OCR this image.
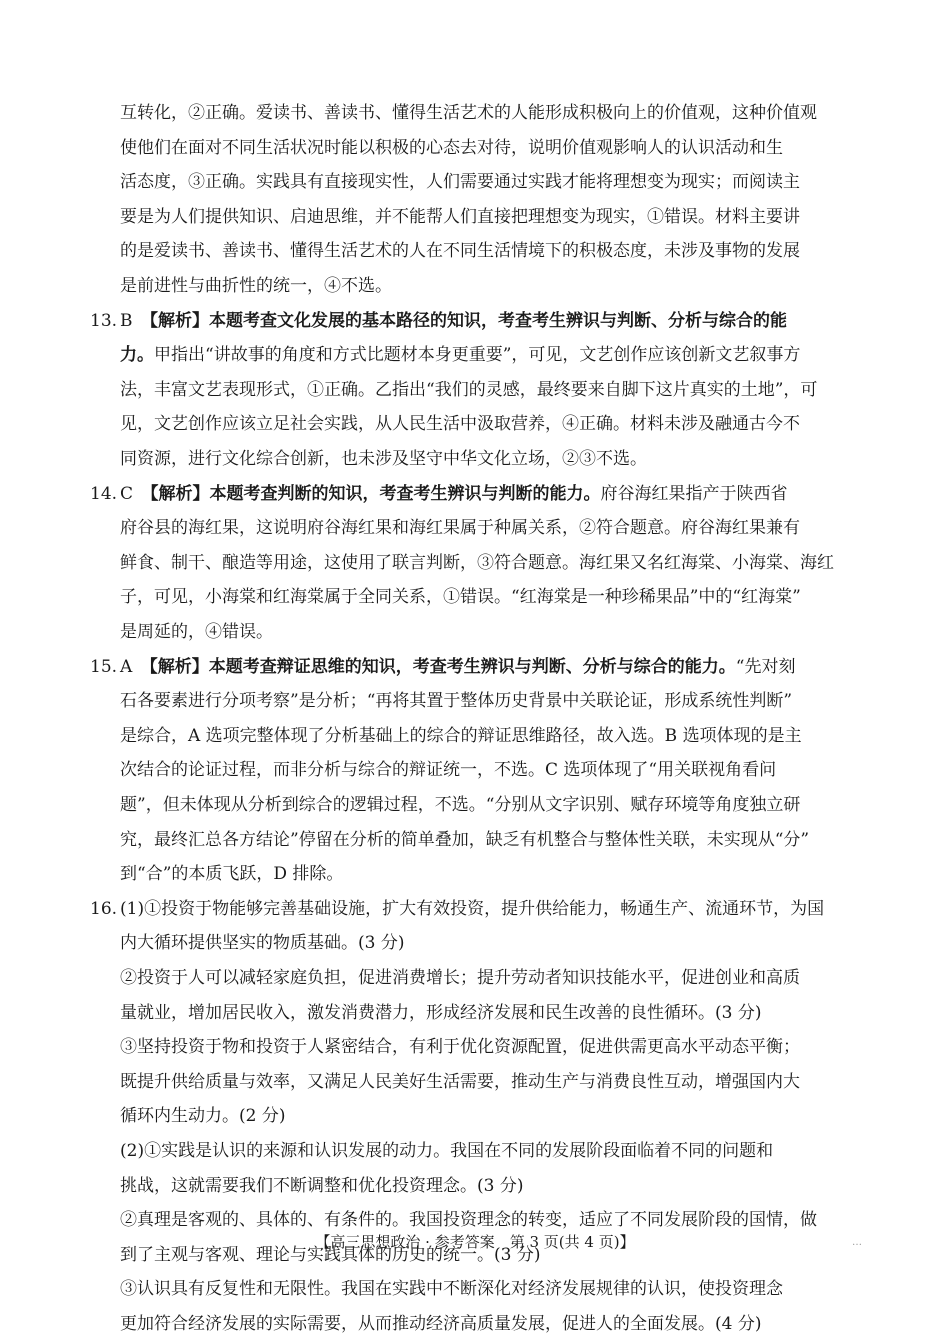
互转化，②正确。爱读书、善读书、懂得生活艺术的人能形成积极向上的价值观，这种价值观
使他们在面对不同生活状况时能以积极的心态去对待，说明价值观影响人的认识活动和生
活态度，③正确。实践具有直接现实性，人们需要通过实践才能将理想变为现实；而阅读主
要是为人们提供知识、启迪思维，并不能帮人们直接把理想变为现实，①错误。材料主要讲
的是爱读书、善读书、懂得生活艺术的人在不同生活情境下的积极态度，未涉及事物的发展
是前进性与曲折性的统一，④不选。
13. B　【解析】本题考查文化发展的基本路径的知识，考查考生辨识与判断、分析与综合的能
力。甲指出“讲故事的角度和方式比题材本身更重要”，可见，文艺创作应该创新文艺叙事方
法，丰富文艺表现形式，①正确。乙指出“我们的灵感，最终要来自脚下这片真实的土地”，可
见，文艺创作应该立足社会实践，从人民生活中汲取营养，④正确。材料未涉及融通古今不
同资源，进行文化综合创新，也未涉及坚守中华文化立场，②③不选。
14. C　【解析】本题考查判断的知识，考查考生辨识与判断的能力。府谷海红果指产于陕西省
府谷县的海红果，这说明府谷海红果和海红果属于种属关系，②符合题意。府谷海红果兼有
鲜食、制干、酿造等用途，这使用了联言判断，③符合题意。海红果又名红海棠、小海棠、海红
子，可见，小海棠和红海棠属于全同关系，①错误。“红海棠是一种珍稀果品”中的“红海棠”
是周延的，④错误。
15. A　【解析】本题考查辩证思维的知识，考查考生辨识与判断、分析与综合的能力。“先对刻
石各要素进行分项考察”是分析；“再将其置于整体历史背景中关联论证，形成系统性判断”
是综合，A 选项完整体现了分析基础上的综合的辩证思维路径，故入选。B 选项体现的是主
次结合的论证过程，而非分析与综合的辩证统一，不选。C 选项体现了“用关联视角看问
题”，但未体现从分析到综合的逻辑过程，不选。“分别从文字识别、赋存环境等角度独立研
究，最终汇总各方结论”停留在分析的简单叠加，缺乏有机整合与整体性关联，未实现从“分”
到“合”的本质飞跃，D 排除。
16. (1)①投资于物能够完善基础设施，扩大有效投资，提升供给能力，畅通生产、流通环节，为国
内大循环提供坚实的物质基础。(3 分)
②投资于人可以减轻家庭负担，促进消费增长；提升劳动者知识技能水平，促进创业和高质
量就业，增加居民收入，激发消费潜力，形成经济发展和民生改善的良性循环。(3 分)
③坚持投资于物和投资于人紧密结合，有利于优化资源配置，促进供需更高水平动态平衡；
既提升供给质量与效率，又满足人民美好生活需要，推动生产与消费良性互动，增强国内大
循环内生动力。(2 分)
(2)①实践是认识的来源和认识发展的动力。我国在不同的发展阶段面临着不同的问题和
挑战，这就需要我们不断调整和优化投资理念。(3 分)
②真理是客观的、具体的、有条件的。我国投资理念的转变，适应了不同发展阶段的国情，做
到了主观与客观、理论与实践具体的历史的统一。(3 分)
③认识具有反复性和无限性。我国在实践中不断深化对经济发展规律的认识，使投资理念
更加符合经济发展的实际需要，从而推动经济高质量发展，促进人的全面发展。(4 分)
【高三思想政治 · 参考答案　第 3 页(共 4 页)】	…
